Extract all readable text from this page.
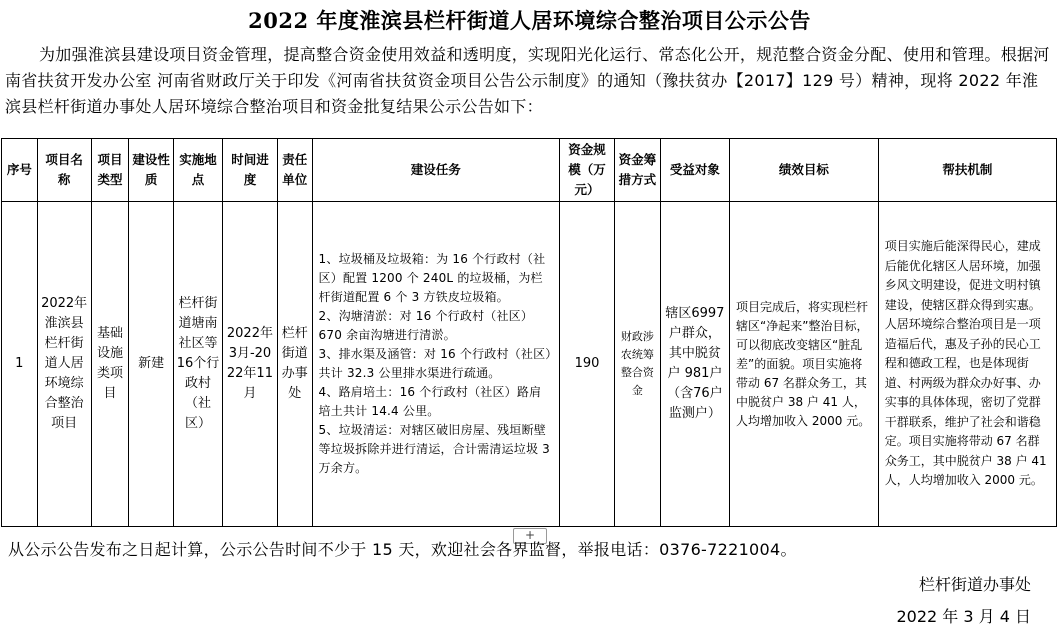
2022 年度淮滨县栏杆街道人居环境综合整治项目公示公告
为加强淮滨县建设项目资金管理，提高整合资金使用效益和透明度，实现阳光化运行、常态化公开，规范整合资金分配、使用和管理。根据河南省扶贫开发办公室 河南省财政厅关于印发《河南省扶贫资金项目公告公示制度》的通知（豫扶贫办【2017】129 号）精神，现将 2022 年淮滨县栏杆街道办事处人居环境综合整治项目和资金批复结果公示公告如下：
序号	项目名称	项目类型	建设性质	实施地点	时间进度	责任单位	建设任务	资金规模（万元）	资金筹措方式	受益对象	绩效目标	帮扶机制
1	2022年淮滨县栏杆街道人居环境综合整治项目	基础设施类项目	新建	栏杆街道塘南社区等16个行政村（社区）	2022年3月-2022年11月	栏杆街道办事处	1、垃圾桶及垃圾箱：为 16 个行政村（社区）配置 1200 个 240L 的垃圾桶，为栏杆街道配置 6 个 3 方铁皮垃圾箱。
2、沟塘清淤：对 16 个行政村（社区）670 余亩沟塘进行清淤。
3、排水渠及涵管：对 16 个行政村（社区）共计 32.3 公里排水渠进行疏通。
4、路肩培土：16 个行政村（社区）路肩培土共计 14.4 公里。
5、垃圾清运：对辖区破旧房屋、残垣断壁等垃圾拆除并进行清运，合计需清运垃圾 3 万余方。	190	财政涉农统筹整合资金	辖区6997户群众，其中脱贫户 981户（含76户监测户）	项目完成后，将实现栏杆辖区“净起来”整治目标，可以彻底改变辖区“脏乱差”的面貌。项目实施将带动 67 名群众务工，其中脱贫户 38 户 41 人，人均增加收入 2000 元。	项目实施后能深得民心，建成后能优化辖区人居环境，加强乡风文明建设，促进文明村镇建设，使辖区群众得到实惠。人居环境综合整治项目是一项造福后代，惠及子孙的民心工程和德政工程，也是体现街道、村两级为群众办好事、办实事的具体体现，密切了党群干群联系，维护了社会和谐稳定。项目实施将带动 67 名群众务工，其中脱贫户 38 户 41 人，人均增加收入 2000 元。
+
从公示公告发布之日起计算，公示公告时间不少于 15 天，欢迎社会各界监督，举报电话：0376-7221004。
栏杆街道办事处
2022 年 3 月 4 日
